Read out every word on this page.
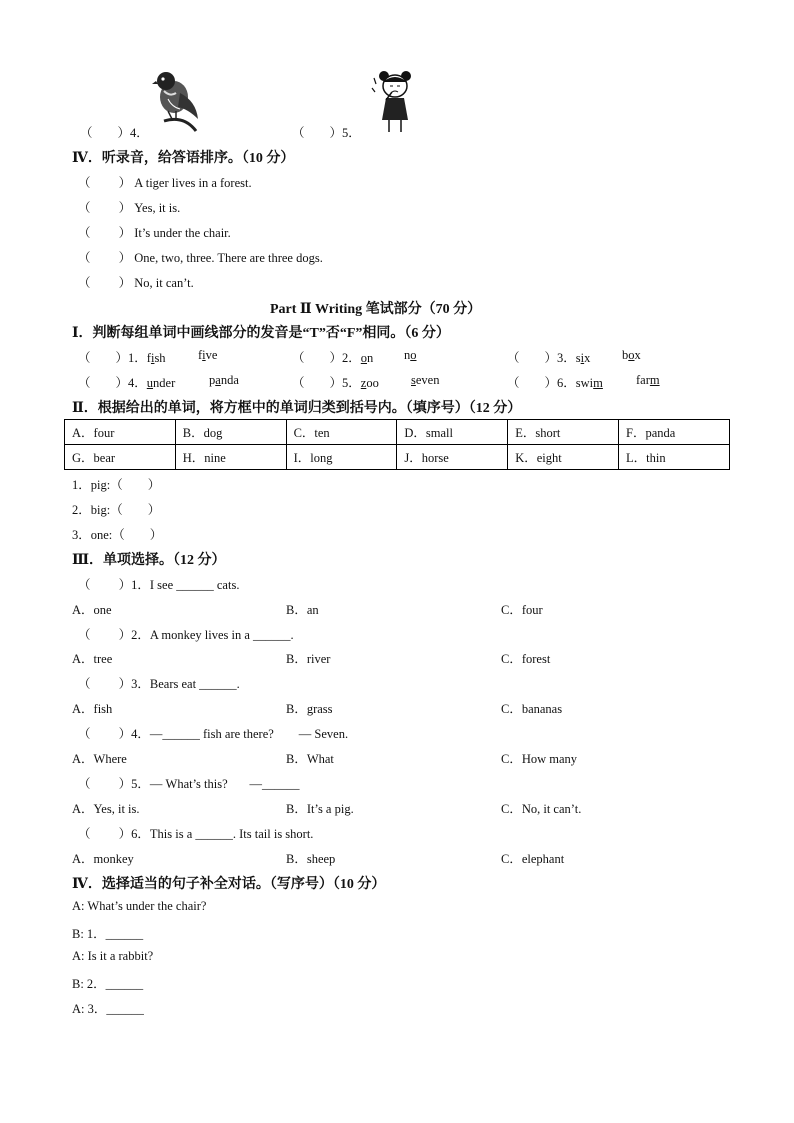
（　　）4．	（　　）5．
Ⅳ．听录音，给答语排序。（10 分）
（　　 ） A tiger lives in a forest.
（　　 ） Yes, it is.
（　　 ） It’s under the chair.
（　　 ） One, two, three. There are three dogs.
（　　 ） No, it can’t.
Part Ⅱ Writing 笔试部分（70 分）
Ⅰ．判断每组单词中画线部分的发音是“T”否“F”相同。（6 分）
（　　）1．fish	five	（　　）2．on no	（　　）3．six	box
（　　）4．under	panda	（　　）5．zoo	seven	（　　）6．swim	farm
Ⅱ．根据给出的单词，将方框中的单词归类到括号内。（填序号）（12 分）
A．four	B．dog	C．ten	D．small	E．short	F．panda
G．bear	H．nine	I．long	J．horse	K．eight	L．thin
1．pig:（　　）
2．big:（　　）
3．one:（　　）
Ⅲ．单项选择。（12 分）
（　　 ）1．I see ______ cats.
A．one	B．an	C．four
（　　 ）2．A monkey lives in a ______.
A．tree	B．river	C．forest
（　　 ）3．Bears eat ______.
A．fish	B．grass	C．bananas
（　　 ）4．—______ fish are there?        — Seven.
A．Where	B．What	C．How many
（　　 ）5．— What’s this?       —______
A．Yes, it is.	B．It’s a pig.	C．No, it can’t.
（　　 ）6．This is a ______. Its tail is short.
A．monkey	B．sheep	C．elephant
Ⅳ．选择适当的句子补全对话。（写序号）（10 分）
A: What’s under the chair?
B: 1．______
A: Is it a rabbit?
B: 2．______
A: 3．______
